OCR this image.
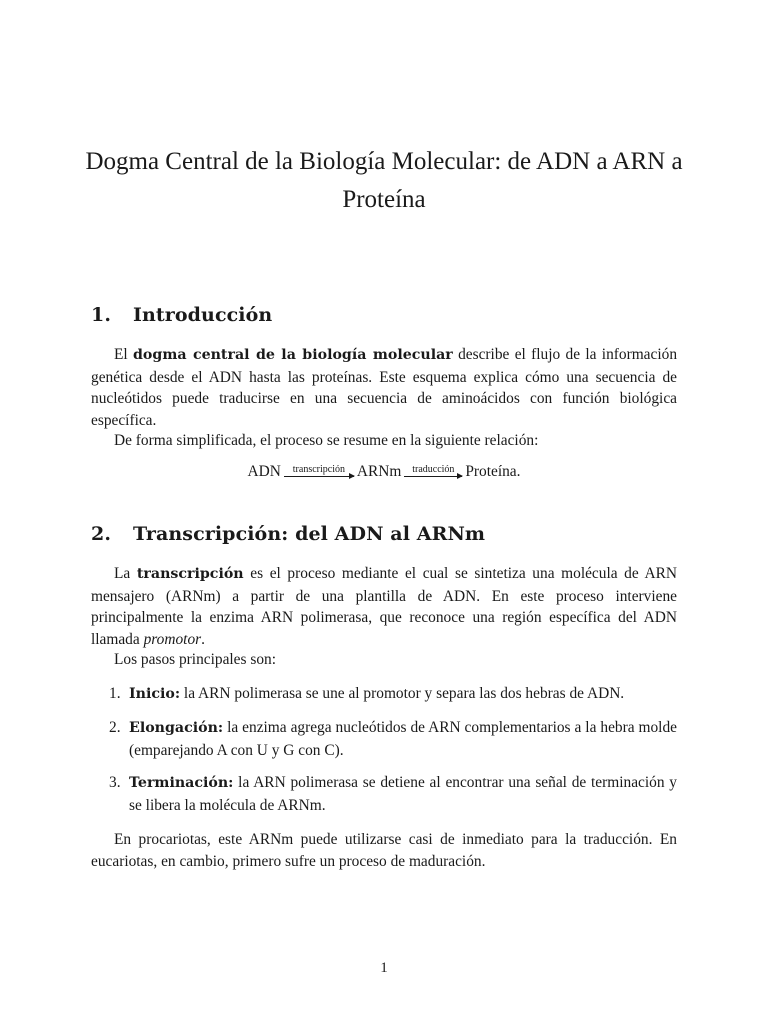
Dogma Central de la Biología Molecular: de ADN a ARN a Proteína
1. Introducción

El dogma central de la biología molecular describe el flujo de la información genética desde el ADN hasta las proteínas. Este esquema explica cómo una secuencia de nucleótidos puede traducirse en una secuencia de aminoácidos con función biológica específica.

De forma simplificada, el proceso se resume en la siguiente relación:

ADN transcripción ARNm traducción Proteína.
2. Transcripción: del ADN al ARNm

La transcripción es el proceso mediante el cual se sintetiza una molécula de ARN mensajero (ARNm) a partir de una plantilla de ADN. En este proceso interviene principalmente la enzima ARN polimerasa, que reconoce una región específica del ADN llamada promotor.

Los pasos principales son:

1. Inicio: la ARN polimerasa se une al promotor y separa las dos hebras de ADN.
2. Elongación: la enzima agrega nucleótidos de ARN complementarios a la hebra molde (emparejando A con U y G con C).
3. Terminación: la ARN polimerasa se detiene al encontrar una señal de terminación y se libera la molécula de ARNm.

En procariotas, este ARNm puede utilizarse casi de inmediato para la traducción. En eucariotas, en cambio, primero sufre un proceso de maduración.

1
